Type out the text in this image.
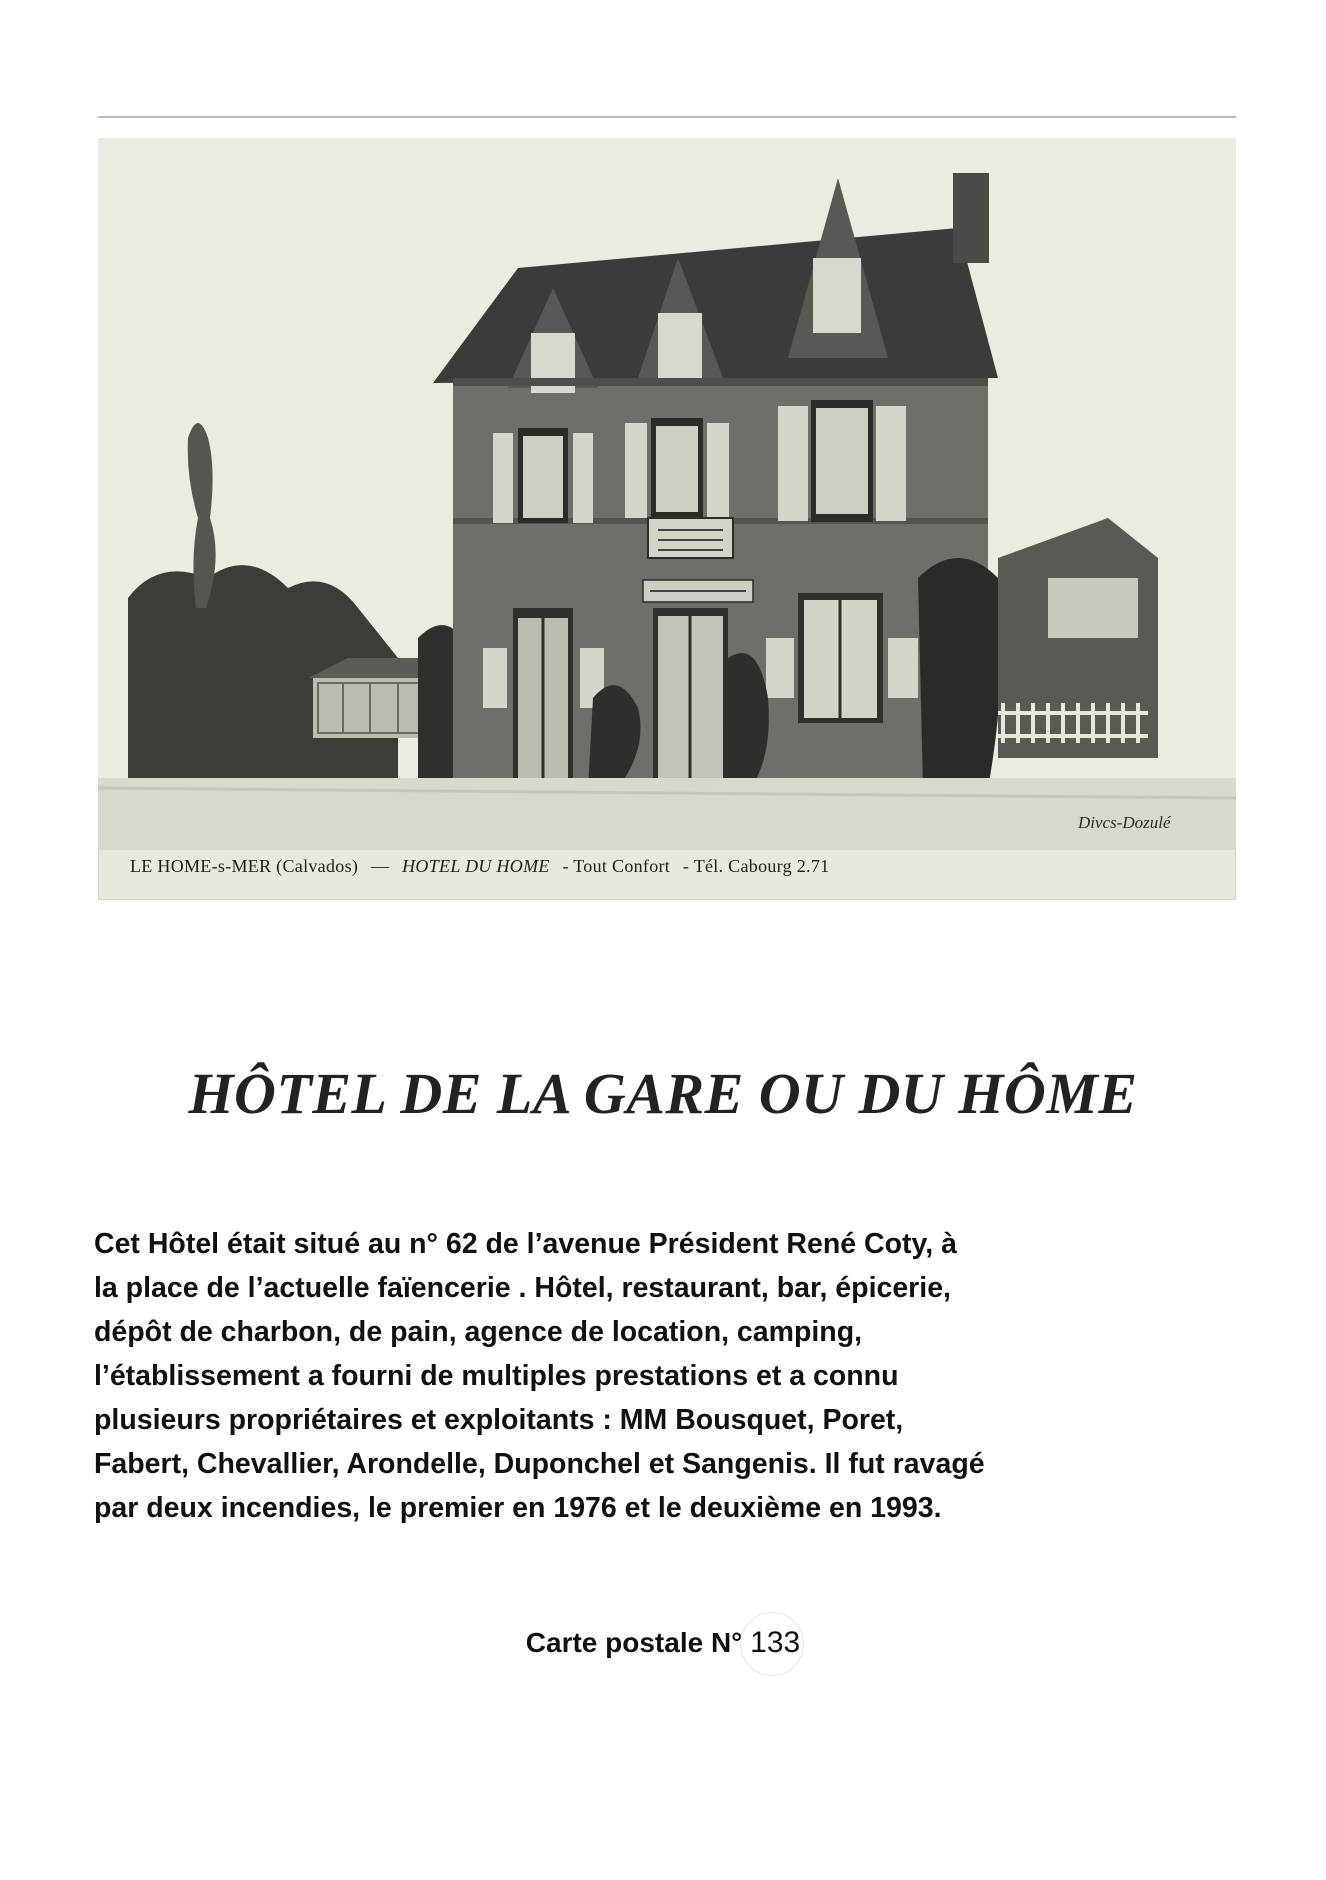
Divcs-Dozulé
LE HOME-s-MER (Calvados) — HOTEL DU HOME - Tout Confort - Tél. Cabourg 2.71
HÔTEL DE LA GARE OU DU HÔME
Cet Hôtel était situé au n° 62 de l’avenue Président René Coty, à
la place de l’actuelle faïencerie . Hôtel, restaurant, bar, épicerie,
dépôt de charbon, de pain, agence de location, camping,
l’établissement a fourni de multiples prestations et a connu
plusieurs propriétaires et exploitants : MM Bousquet, Poret,
Fabert, Chevallier, Arondelle, Duponchel et Sangenis. Il fut ravagé
par deux incendies, le premier en 1976 et le deuxième en 1993.
Carte postale N° 133
